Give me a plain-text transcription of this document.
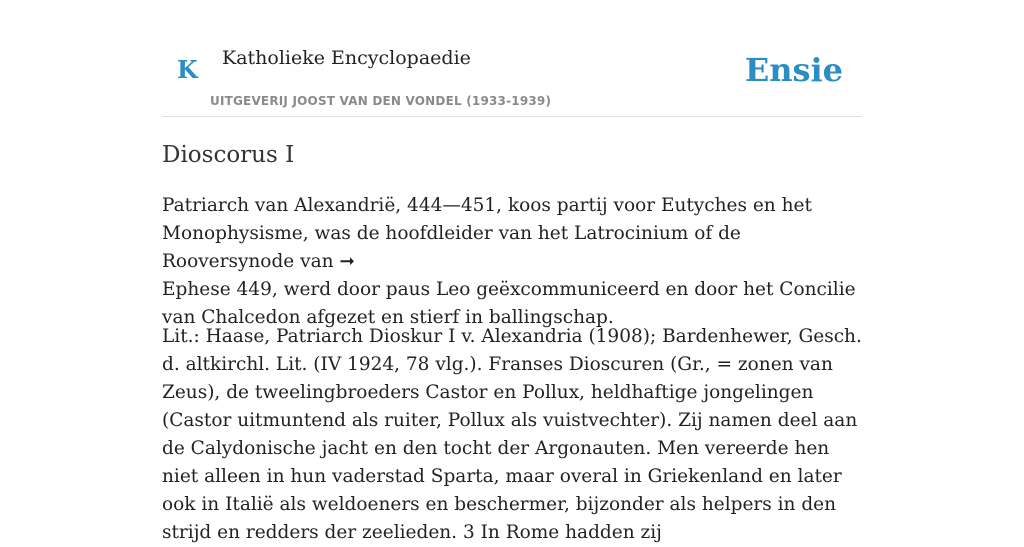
K Katholieke Encyclopaedie
UITGEVERIJ JOOST VAN DEN VONDEL (1933-1939)
Ensie
Dioscorus I

Patriarch van Alexandrië, 444—451, koos partij voor Eutyches en het Monophysisme, was de hoofdleider van het Latrocinium of de Rooversynode van ➞
Ephese 449, werd door paus Leo geëxcommuniceerd en door het Concilie van Chalcedon afgezet en stierf in ballingschap.

Lit.: Haase, Patriarch Dioskur I v. Alexandria (1908); Bardenhewer, Gesch. d. altkirchl. Lit. (IV 1924, 78 vlg.). Franses Dioscuren (Gr., = zonen van Zeus), de tweelingbroeders Castor en Pollux, heldhaftige jongelingen (Castor uitmuntend als ruiter, Pollux als vuistvechter). Zij namen deel aan de Calydonische jacht en den tocht der Argonauten. Men vereerde hen niet alleen in hun vaderstad Sparta, maar overal in Griekenland en later ook in Italië als weldoeners en beschermer, bijzonder als helpers in den strijd en redders der zeelieden. 3 In Rome hadden zij
